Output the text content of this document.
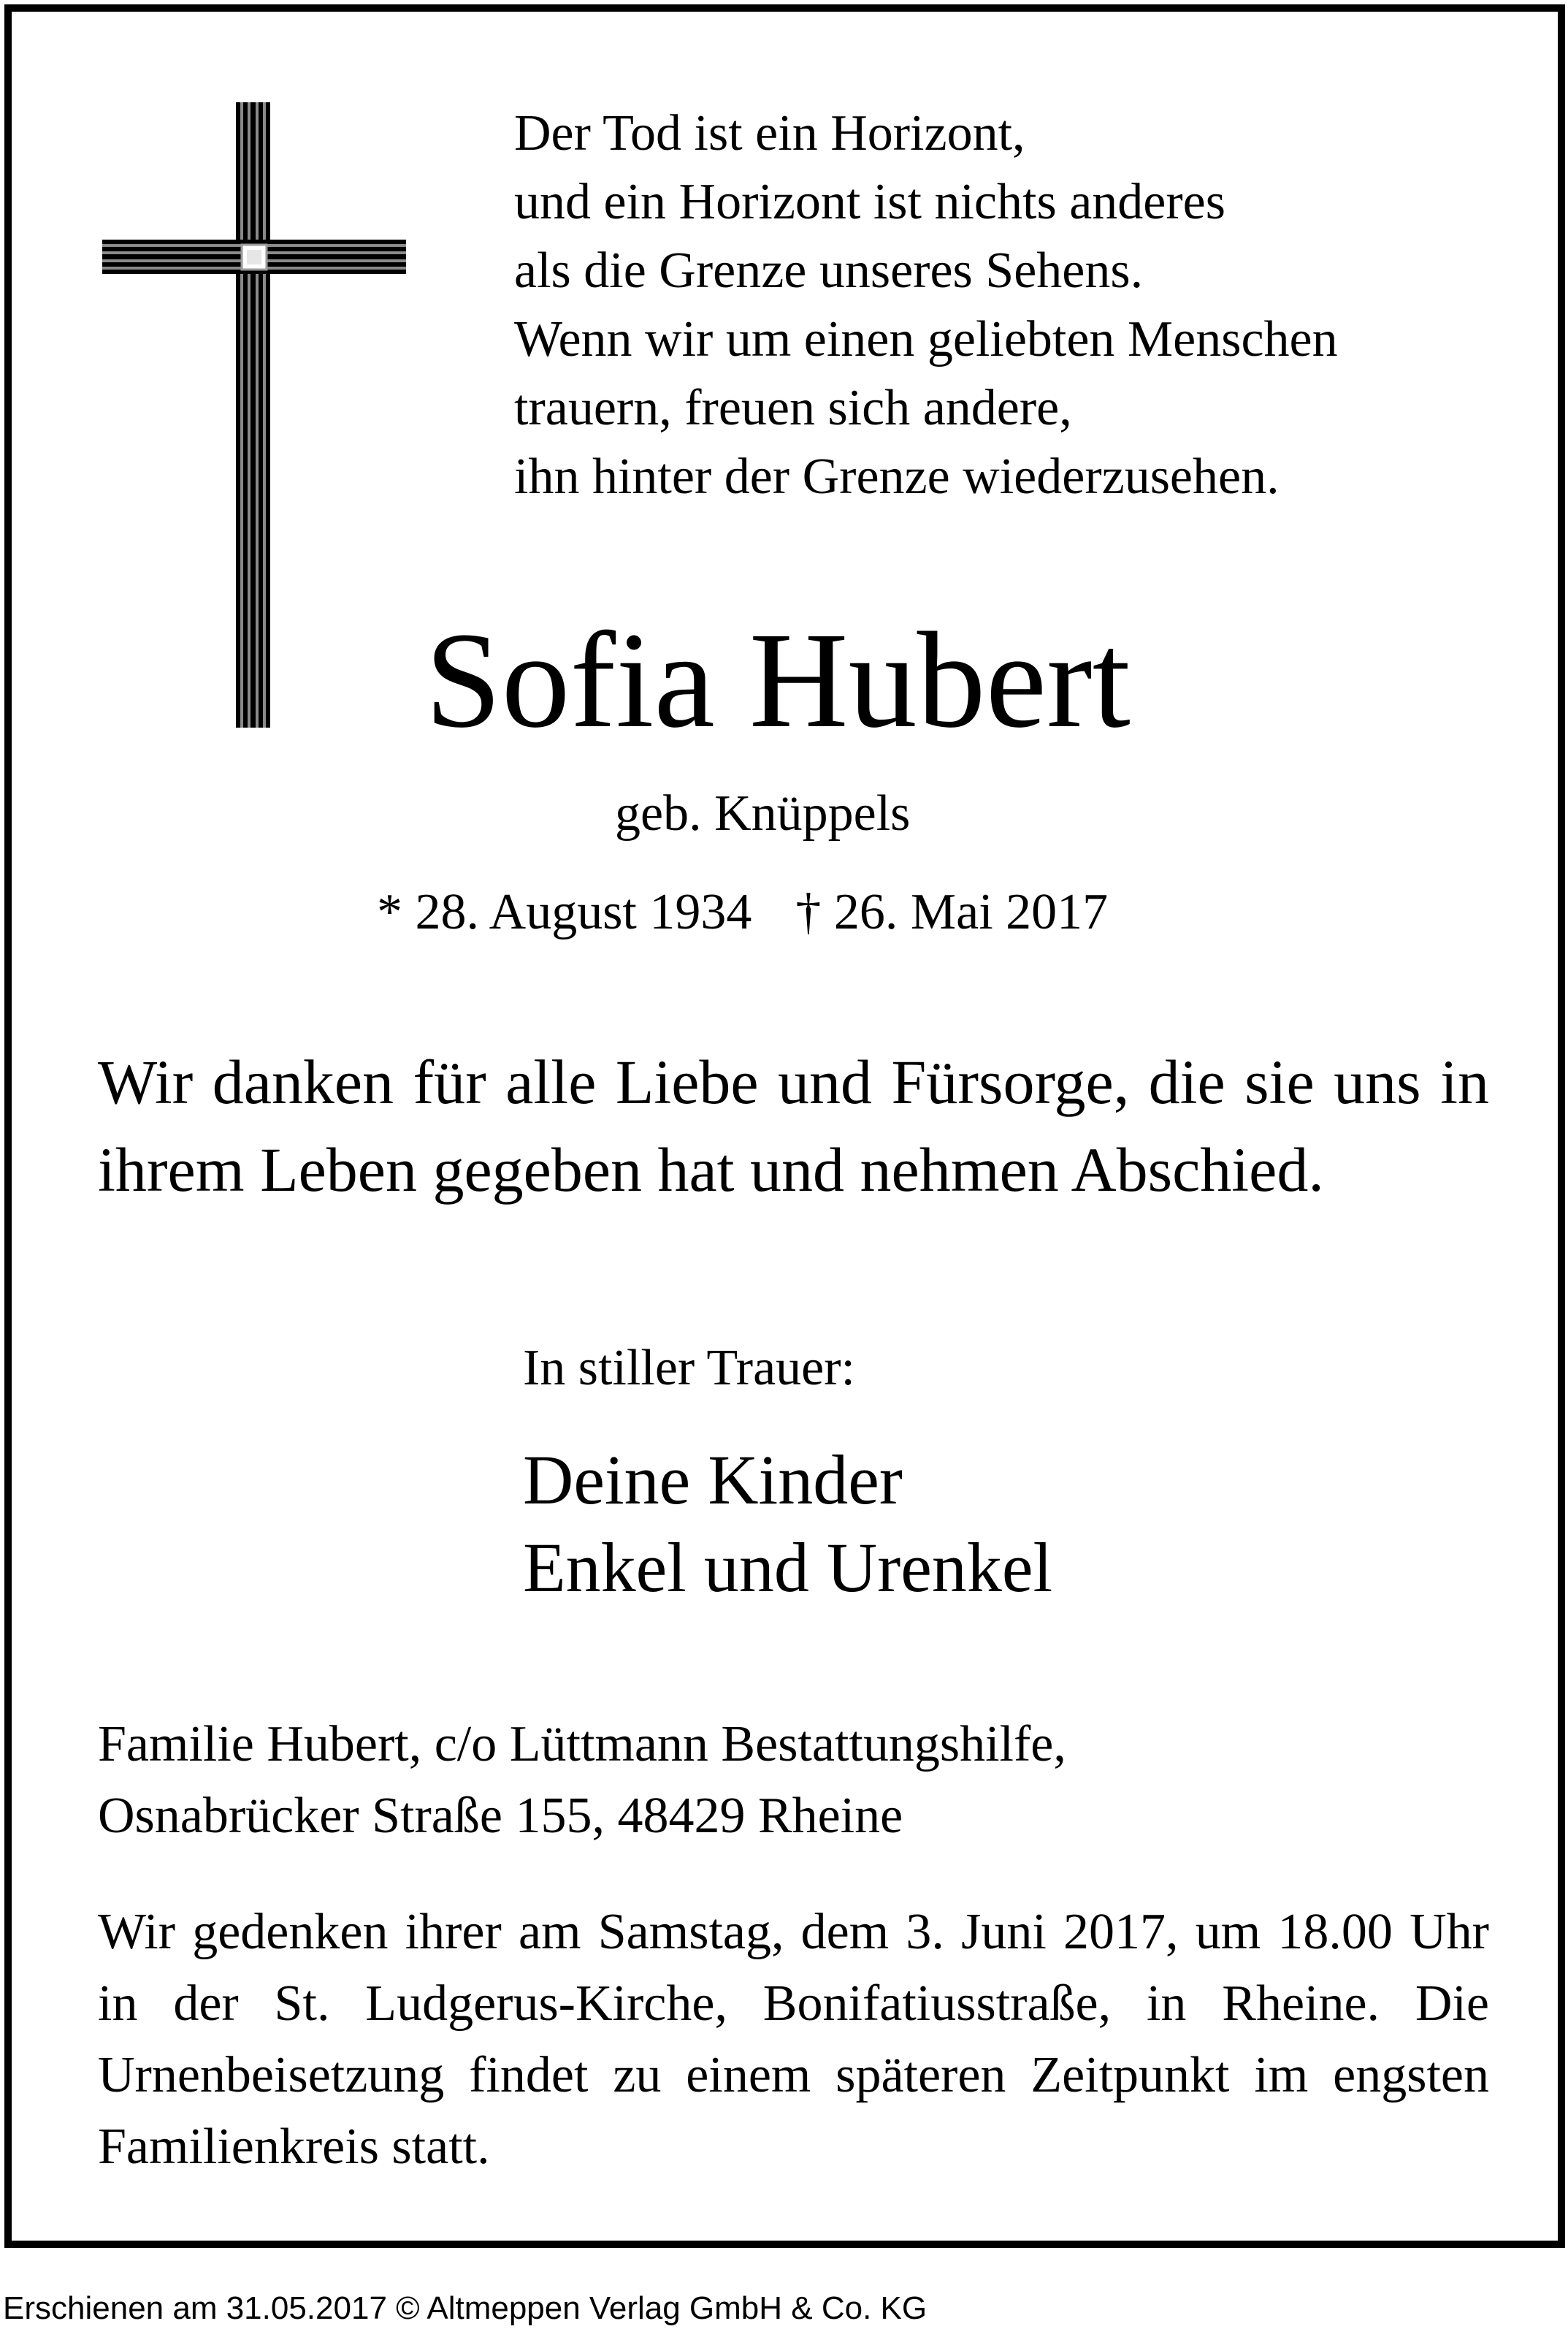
Der Tod ist ein Horizont,
und ein Horizont ist nichts anderes
als die Grenze unseres Sehens.
Wenn wir um einen geliebten Menschen
trauern, freuen sich andere,
ihn hinter der Grenze wiederzusehen.
Sofia Hubert
geb. Knüppels
* 28. August 1934 † 26. Mai 2017
Wir danken für alle Liebe und Fürsorge, die sie uns in ihrem Leben gegeben hat und nehmen Abschied.
In stiller Trauer:
Deine Kinder
Enkel und Urenkel
Familie Hubert, c/o Lüttmann Bestattungshilfe,
Osnabrücker Straße 155, 48429 Rheine
Wir gedenken ihrer am Samstag, dem 3. Juni 2017, um 18.00 Uhr in der St. Ludgerus-Kirche, Bonifatiusstraße, in Rheine. Die Urnenbeisetzung findet zu einem späteren Zeitpunkt im engsten Familienkreis statt.
Erschienen am 31.05.2017 © Altmeppen Verlag GmbH & Co. KG
